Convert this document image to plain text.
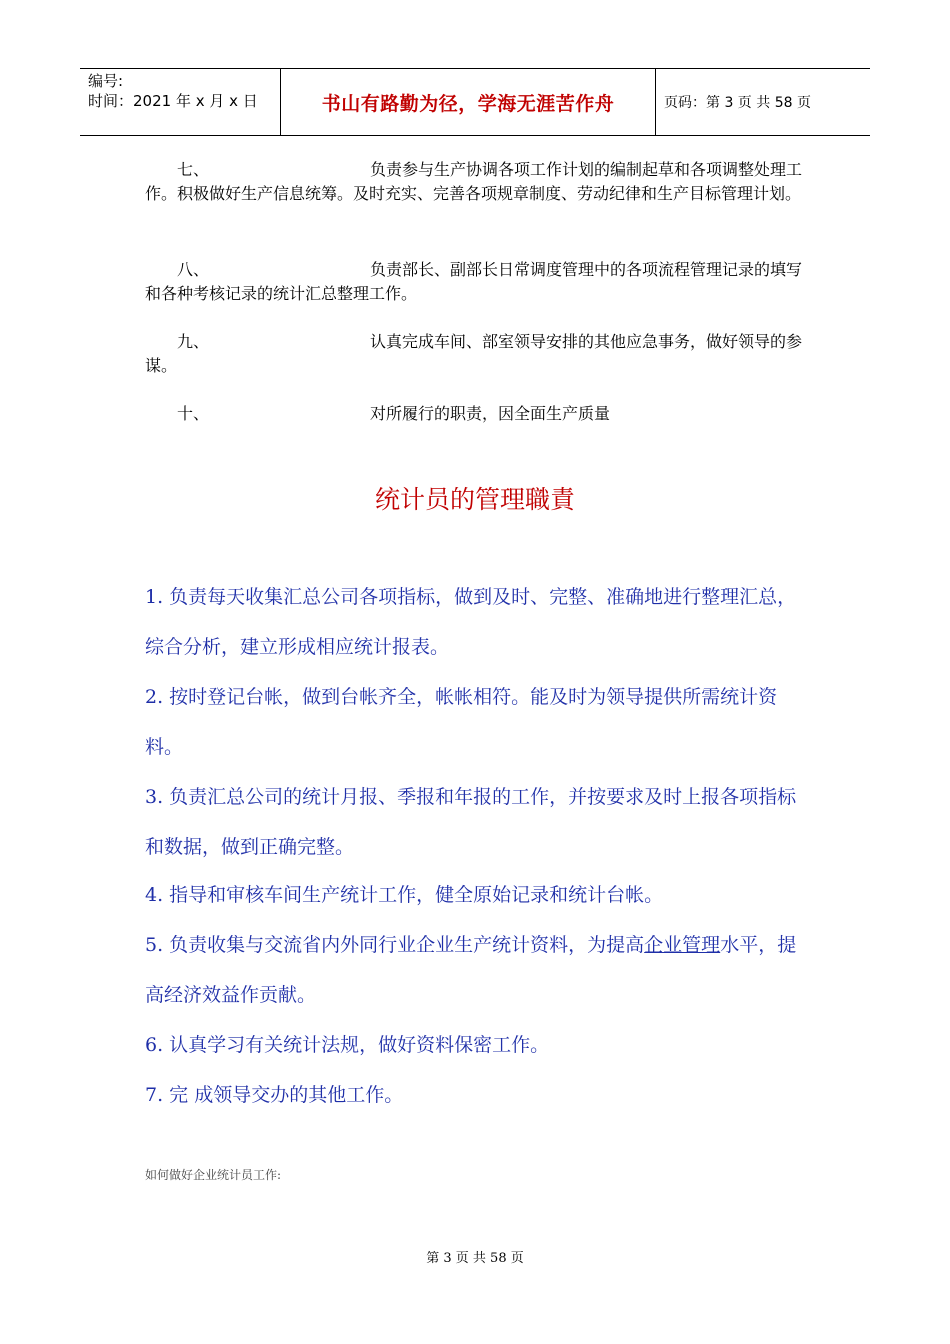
编号:
时间：2021 年 x 月 x 日	书山有路勤为径，学海无涯苦作舟	页码：第 3 页 共 58 页
七、	负责参与生产协调各项工作计划的编制起草和各项调整处理工作。积极做好生产信息统筹。及时充实、完善各项规章制度、劳动纪律和生产目标管理计划。
八、	负责部长、副部长日常调度管理中的各项流程管理记录的填写和各种考核记录的统计汇总整理工作。
九、	认真完成车间、部室领导安排的其他应急事务，做好领导的参谋。
十、	对所履行的职责，因全面生产质量
统计员的管理職責
1. 负责每天收集汇总公司各项指标，做到及时、完整、准确地进行整理汇总，综合分析，建立形成相应统计报表。
2. 按时登记台帐，做到台帐齐全，帐帐相符。能及时为领导提供所需统计资料。
3. 负责汇总公司的统计月报、季报和年报的工作，并按要求及时上报各项指标和数据，做到正确完整。
4. 指导和审核车间生产统计工作，健全原始记录和统计台帐。
5. 负责收集与交流省内外同行业企业生产统计资料，为提高企业管理水平，提高经济效益作贡献。
6. 认真学习有关统计法规，做好资料保密工作。
7. 完 成领导交办的其他工作。
如何做好企业统计员工作:
第 3 页 共 58 页
